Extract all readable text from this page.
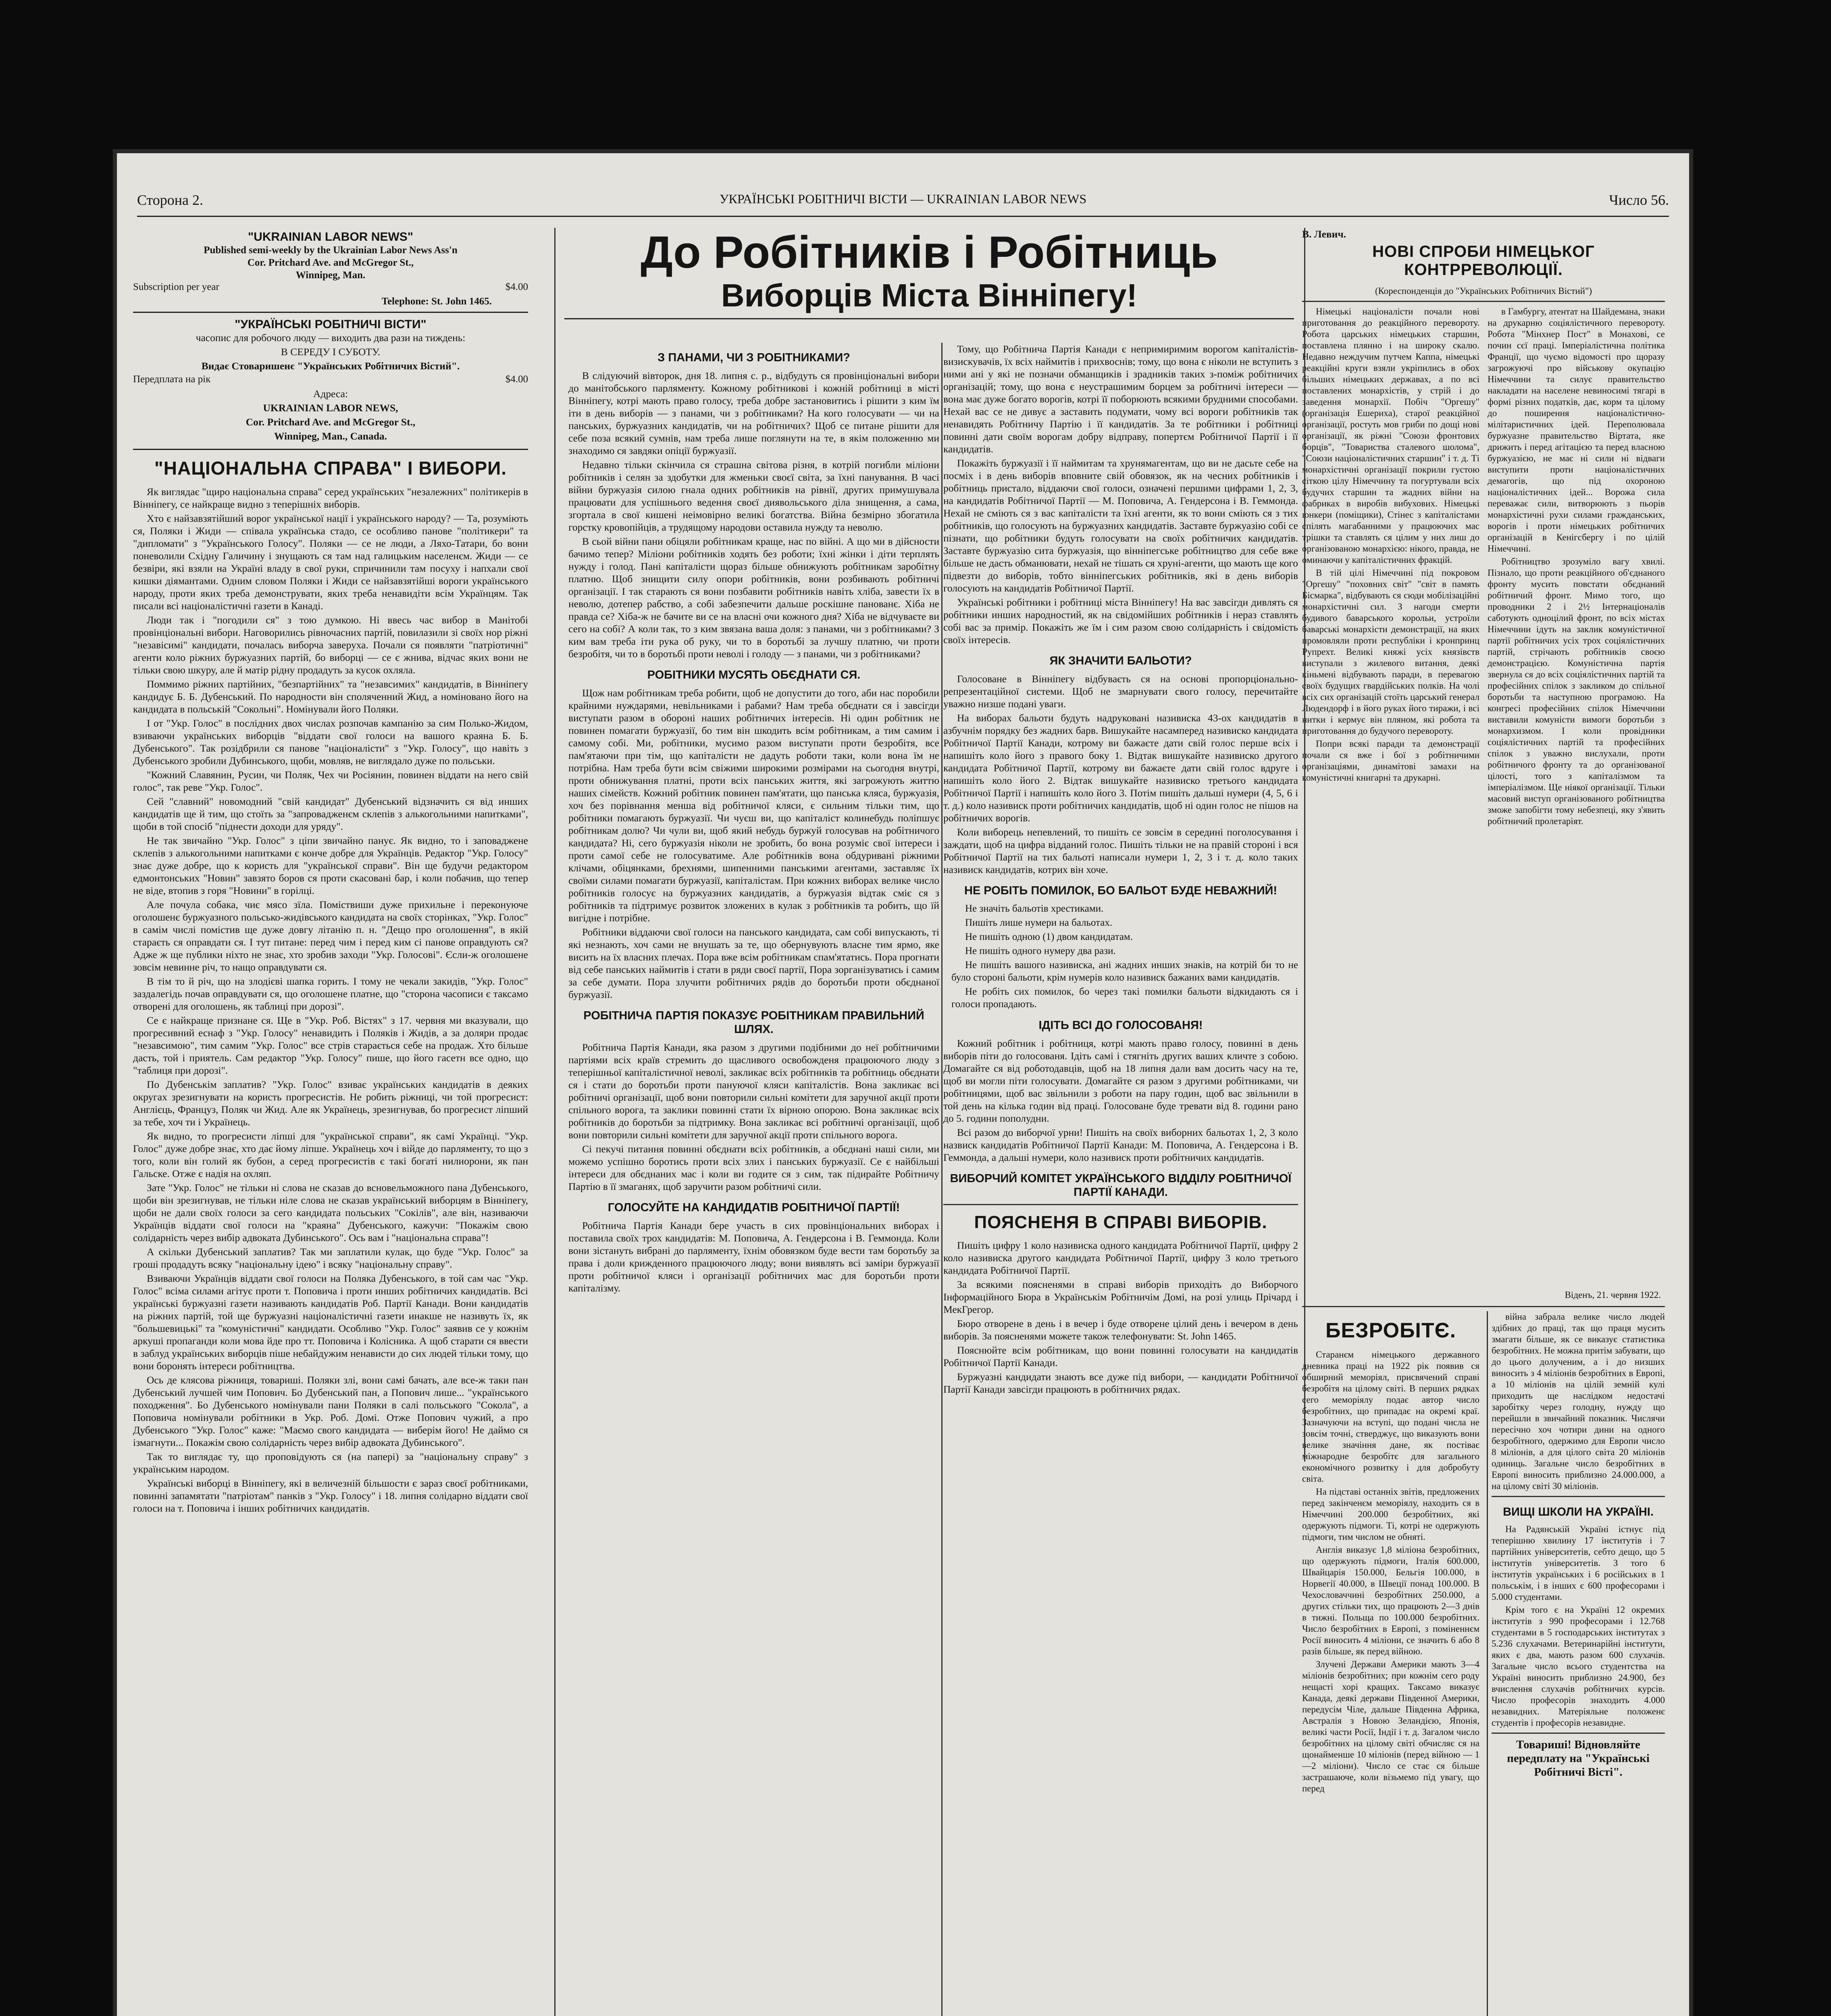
Сторона 2.	УКРАЇНСЬКІ РОБІТНИЧІ ВІСТИ — UKRAINIAN LABOR NEWS	Число 56.
"UKRAINIAN LABOR NEWS"
Published semi-weekly by the Ukrainian Labor News Ass'n
Cor. Pritchard Ave. and McGregor St.,
Winnipeg, Man.
Subscription per year	$4.00
Telephone: St. John 1465.
"УКРАЇНСЬКІ РОБІТНИЧІ ВІСТИ"

часопис для робочого люду — виходить два рази на тиждень:

В СЕРЕДУ І СУБОТУ.

Видає Стоваришенє "Українських Робітничих Вістий".

Передплата на рік	$4.00

Адреса:

UKRAINIAN LABOR NEWS,

Cor. Pritchard Ave. and McGregor St.,

Winnipeg, Man., Canada.

"НАЦІОНАЛЬНА СПРАВА" І ВИБОРИ.

Як виглядає "щиро національна справа" серед українських "незалежних" політикерів в Вінніпегу, се найкраще видно з теперішніх виборів.

Хто є найзавзятійший ворог української нації і українського народу? — Та, розуміють ся, Поляки і Жиди — співала українська стадо, се особливо панове "політикери" та "дипломати" з "Українського Голосу". Поляки — се не люди, а Ляхо-Татари, бо вони поневолили Східну Галичину і знущають ся там над галицьким населенєм. Жиди — се безвіри, які взяли на Україні владу в свої руки, спричинили там посуху і напхали свої кишки діямантами. Одним словом Поляки і Жиди се найзавзятійші вороги українського народу, проти яких треба демонструвати, яких треба ненавидіти всім Українцям. Так писали всі націоналістичні газети в Канаді.

Люди так і "погодили ся" з тою думкою. Ні ввесь час вибор в Манітобі провінціональні вибори. Наговорились рівночасних партій, повилазили зі своїх нор ріжні "незавісимі" кандидати, почалась виборча заверуха. Почали ся появляти "патріотичні" агенти коло ріжних буржуазних партій, бо виборці — се є жнива, відчас яких вони не тільки свою шкуру, але й матір рідну продадуть за кусок охляла.

Поммимо ріжних партійних, "безпартійних" та "незавсимих" кандидатів, в Вінніпегу кандидує Б. Б. Дубенський. По народности він споляченний Жид, а номіновано його на кандидата в польській "Сокольні". Номінували його Поляки.

І от "Укр. Голос" в послідних двох числах розпочав кампанію за сим Полько-Жидом, взиваючи українських виборців "віддати свої голоси на вашого краяна Б. Б. Дубенського". Так розідбрили ся панове "націоналісти" з "Укр. Голосу", що навіть з Дубенського зробили Дубинського, щоби, мовляв, не виглядало дуже по польськи.

"Кожний Славянин, Русин, чи Поляк, Чех чи Росіянин, повинен віддати на него свій голос", так реве "Укр. Голос".

Сей "славний" новомодний "свій кандидат" Дубенський відзначить ся від инших кандидатів ще й тим, що стоїть за "запровадженєм склепів з алькогольними напитками", щоби в той спосіб "піднести доходи для уряду".

Не так звичайно "Укр. Голос" з ціпи звичайно панує. Як видно, то і заповаджене склепів з алькогольними напитками є конче добре для Українців. Редактор "Укр. Голосу" знає дуже добре, що к користь для "української справи". Він ще будучи редактором едмонтонських "Новин" завзято боров ся проти скасовані бар, і коли побачив, що тепер не віде, втопив з горя "Новини" в горілці.

Але почула собака, чиє мясо зїла. Поміствиши дуже прихильне і переконуюче оголошенє буржуазного польсько-жидівського кандидата на своїх сторінках, "Укр. Голос" в самім числі помістив ще дуже довгу літанію п. н. "Дещо про оголошення", в якій стараєть ся оправдати ся. І тут питане: перед чим і перед ким сі панове оправдують ся? Адже ж ще публики ніхто не знає, хто зробив заходи "Укр. Голосові". Єсли-ж оголошене зовсім невинне річ, то нащо оправдувати ся.

В тім то й річ, що на злодієві шапка горить. І тому не чекали закидів, "Укр. Голос" заздалегідь почав оправдувати ся, що оголошене платне, що "сторона часописи є таксамо отворені для оголошень, як таблиці при дорозі".

Се є найкраще признане ся. Ще в "Укр. Роб. Вістях" з 17. червня ми вказували, що прогресивний еснаф з "Укр. Голосу" ненавидить і Поляків і Жидів, а за доляри продає "незавсимою", тим самим "Укр. Голос" все стрів старається себе на продаж. Хто більше дасть, той і приятель. Сам редактор "Укр. Голосу" пише, що його гасетн все одно, що "таблиця при дорозі".

По Дубенськім заплатив? "Укр. Голос" взиває українських кандидатів в деяких округах зрезигнувати на користь прогресистів. Не робить ріжниці, чи той прогресист: Англієць, Француз, Поляк чи Жид. Але як Українець, зрезигнував, бо прогресист ліпший за тебе, хоч ти і Українець.

Як видно, то прогресисти ліпші для "української справи", як самі Українці. "Укр. Голос" дуже добре знає, хто дає йому ліпше. Українець хоч і війде до парляменту, то що з того, коли він голий як бубон, а серед прогресистів є такі богаті нилиорони, як пан Гальске. Отже є надія на охляп.

Зате "Укр. Голос" не тільки ні слова не сказав до всновельможного пана Дубенського, щоби він зрезигнував, не тільки ніле слова не сказав український виборцям в Вінніпегу, щоби не дали своїх голоси за сего кандидата польських "Сокілів", але він, називаючи Українців віддати свої голоси на "краяна" Дубенського, кажучи: "Покажім свою солідарність через вибір адвоката Дубинського". Ось вам і "національна справа"!

А скільки Дубенський заплатив? Так ми заплатили кулак, що буде "Укр. Голос" за гроші продадуть всяку "національну ідею" і всяку "національну справу".

Взиваючи Українців віддати свої голоси на Поляка Дубенського, в той сам час "Укр. Голос" всіма силами агітує проти т. Поповича і проти инших робітничих кандидатів. Всі українські буржуазні газети називають кандидатів Роб. Партії Канади. Вони кандидатів на ріжних партій, той ще буржуазні націоналістичні газети инакше не називуть їх, як "большевицькі" та "комуністичні" кандидати. Особливо "Укр. Голос" заявив се у кожнім аркуші пропаганди коли мова йде про тт. Поповича і Колісника. А щоб старати ся ввести в заблуд українських виборців піше небайдужим ненависти до сих людей тільки тому, що вони боронять інтереси робітництва.

Ось де клясова ріжниця, товариші. Поляки злі, вони самі бачать, але все-ж таки пан Дубенський лучшей чим Попович. Бо Дубенський пан, а Попович лише... "українського походження". Бо Дубенського номінували пани Поляки в салі польського "Сокола", а Поповича номінували робітники в Укр. Роб. Домі. Отже Попович чужий, а про Дубенського "Укр. Голос" каже: "Маємо свого кандидата — виберім його! Не даймо ся ізмагнути... Покажім свою солідарність через вибір адвоката Дубинського".

Так то виглядає ту, що проповідують ся (на папері) за "національну справу" з українським народом.

Українські виборці в Вінніпегу, які в величезній більшости є зараз своєї робітниками, повинні запамятати "патріотам" панків з "Укр. Голосу" і 18. липня солідарно віддати свої голоси на т. Поповича і інших робітничих кандидатів.

До Робітників і Робітниць
Виборців Міста Вінніпегу!
З ПАНАМИ, ЧИ З РОБІТНИКАМИ?

В слідуючий вівторок, дня 18. липня с. р., відбудуть ся провінціональні вибори до манітобського парляменту. Кожному робітникові і кожній робітниці в місті Вінніпегу, котрі мають право голосу, треба добре застановитись і рішити з ким їм іти в день виборів — з панами, чи з робітниками? На кого голосувати — чи на панських, буржуазних кандидатів, чи на робітничих? Щоб се питане рішити для себе поза всякий сумнів, нам треба лише поглянути на те, в якім положенню ми знаходимо ся завдяки опіції буржуазії.

Недавно тільки скінчила ся страшна світова різня, в котрій погибли міліони робітників і селян за здобутки для жменьки своєї світа, за їхні панування. В часі війни буржуазія силою гнала одних робітників на рівнії, других примушувала працювати для успішнього ведення своєї диявольського діла знищення, а сама, згортала в свої кишені неімовірно великі богатства. Війна безмірно збогатила горстку кровопійців, а трудящому народови оставила нужду та неволю.

В сьой війни пани обіцяли робітникам краще, нас по війні. А що ми в дійсности бачимо тепер? Міліони робітників ходять без роботи; їхні жінки і діти терплять нужду і голод. Пані капіталісти щораз більше обнижують робітникам заробітну платню. Щоб знищити силу опори робітників, вони розбивають робітничі організації. І так старають ся вони позбавити робітників навіть хліба, завести їх в неволю, дотепер рабство, а собі забезпечити дальше роскішне панованє. Хіба не правда се? Хіба-ж не бачите ви се на власні очи кожного дня? Хіба не відчуваєте ви сего на собі? А коли так, то з ким звязана ваша доля: з панами, чи з робітниками? З ким вам треба іти рука об руку, чи то в боротьбі за лучшу платню, чи проти безробітя, чи то в боротьбі проти неволі і голоду — з панами, чи з робітниками?

РОБІТНИКИ МУСЯТЬ ОБЄДНАТИ СЯ.

Щож нам робітникам треба робити, щоб не допустити до того, аби нас поробили крайними нуждарями, невільниками і рабами? Нам треба обєднати ся і завсігди виступати разом в обороні наших робітничих інтересів. Ні один робітник не повинен помагати буржуазії, бо тим він шкодить всім робітникам, а тим самим і самому собі. Ми, робітники, мусимо разом виступати проти безробітя, все пам'ятаючи при тім, що капіталісти не дадуть роботи таки, коли вона їм не потрібна. Нам треба бути всім свіжими широкими розмірами на сьогодня внутрі, проти обнижування платні, проти всіх панських життя, які загрожують життю наших сімейств. Кожний робітник повинен пам'ятати, що панська кляса, буржуазія, хоч без порівнання менша від робітничої кляси, є сильним тільки тим, що робітники помагають буржуазії. Чи чуєш ви, що капіталіст колинебудь поліпшує робітникам долю? Чи чули ви, щоб який небудь буржуй голосував на робітничого кандидата? Ні, сего буржуазія ніколи не зробить, бо вона розуміє свої інтереси і проти самої себе не голосуватиме. Але робітників вона обдуривані ріжними клічами, обіцянками, брехнями, шипенними панськими агентами, заставляє їх своїми силами помагати буржуазії, капіталістам. При кожних виборах велике число робітників голосує на буржуазних кандидатів, а буржуазія відтак сміє ся з робітників та підтримує розвиток зложених в кулак з робітників та робить, що їй вигідне і потрібне.

Робітники віддаючи свої голоси на панського кандидата, сам собі випускають, ті які незнають, хоч сами не внушать за те, що обернувують власне тим ярмо, яке висить на їх власних плечах. Пора вже всім робітникам спам'ятатись. Пора прогнати від себе панських наймитів і стати в ряди своєї партії, Пора зорганізуватись і самим за себе думати. Пора злучити робітничих рядів до боротьби проти обєднаної буржуазії.

РОБІТНИЧА ПАРТІЯ ПОКАЗУЄ РОБІТНИКАМ ПРАВИЛЬНИЙ ШЛЯХ.

Робітнича Партія Канади, яка разом з другими подібними до неї робітничими партіями всіх країв стремить до щасливого освобожденя працюючого люду з теперішньої капіталістичної неволі, закликає всіх робітників та робітниць обєднати ся і стати до боротьби проти пануючої кляси капіталістів. Вона закликає всі робітничі організації, щоб вони повторили сильні комітети для заручної акції проти спільного ворога, та заклики повинні стати їх вірною опорою. Вона закликає всіх робітників до боротьби за підтримку. Вона закликає всі робітничі організації, щоб вони повторили сильні комітети для заручної акції проти спільного ворога.

Сі пекучі питання повинні обєднати всіх робітників, а обєднані наші сили, ми можемо успішно боротись проти всіх злих і панських буржуазії. Се є найбільші інтереси для обєднаних мас і коли ви годите ся з сим, так підирайте Робітничу Партію в її змаганях, щоб заручити разом робітничі сили.

ГОЛОСУЙТЕ НА КАНДИДАТІВ РОБІТНИЧОЇ ПАРТІЇ!

Робітнича Партія Канади бере участь в сих провінціональних виборах і поставила своїх трох кандидатів: М. Поповича, А. Гендерсона і В. Геммонда. Коли вони зістануть вибрані до парляменту, їхнім обовязком буде вести там боротьбу за права і доли крижденного працюючого люду; вони виявлять всі заміри буржуазії проти робітничої кляси і організації робітничих мас для боротьби проти капіталізму.

Тому, що Робітнича Партія Канади є непримиримим ворогом капіталістів-визискувачів, їх всіх наймитів і прихвоснів; тому, що вона є ніколи не вступить з ними ані у які не позначи обманщиків і зрадників таких з-поміж робітничих організацій; тому, що вона є неустрашимим борцем за робітничі інтереси — вона має дуже богато ворогів, котрі її поборюють всякими брудними способами. Нехай вас се не дивує а заставить подумати, чому всі вороги робітників так ненавидять Робітничу Партію і її кандидатів. За те робітники і робітниці повинні дати своїм ворогам добру відправу, попертєм Робітничої Партії і її кандидатів.

Покажіть буржуазії і її наймитам та хрунямагентам, що ви не дасьте себе на посміх і в день виборів вповните свій обовязок, як на чесних робітників і робітниць пристало, віддаючи свої голоси, означені першими цифрами 1, 2, 3, на кандидатів Робітничої Партії — М. Поповича, А. Гендерсона і В. Геммонда. Нехай не сміють ся з вас капіталісти та їхні агенти, як то вони сміють ся з тих робітників, що голосують на буржуазних кандидатів. Заставте буржуазію собі се пізнати, що робітники будуть голосувати на своїх робітничих кандидатів. Заставте буржуазію сита буржуазія, що вінніпегське робітництво для себе вже більше не дасть обманювати, нехай не тішать ся хруні-агенти, що мають ще кого підвезти до виборів, тобто вінніпегських робітників, які в день виборів голосують на кандидатів Робітничої Партії.

Українські робітники і робітниці міста Вінніпегу! На вас завсігди дивлять ся робітники инших народностий, як на свідомійших робітників і нераз ставлять собі вас за примір. Покажіть же їм і сим разом свою солідарність і свідомість своїх інтересів.

ЯК ЗНАЧИТИ БАЛЬОТИ?

Голосоване в Вінніпегу відбуваєть ся на основі пропорціонально-репрезентаційної системи. Щоб не змарнувати свого голосу, перечитайте уважно низше подані уваги.

На виборах бальоти будуть надруковані називиска 43-ох кандидатів в азбучнім порядку без жадних барв. Вишукайте насамперед називиско кандидата Робітничої Партії Канади, котрому ви бажаєте дати свій голос перше всіх і напишіть коло його з правого боку 1. Відтак вишукайте називиско другого кандидата Робітничої Партії, котрому ви бажаєте дати свій голос вдруге і напишіть коло його 2. Відтак вишукайте називиско третього кандидата Робітничої Партії і напишіть коло його 3. Потім пишіть дальші нумери (4, 5, 6 і т. д.) коло називиск проти робітничих кандидатів, щоб ні один голос не пішов на робітничих ворогів.

Коли виборець непевлений, то пишіть се зовсім в середині поголосування і заждати, щоб на цифра відданий голос. Пишіть тільки не на правій стороні і вся Робітничої Партії на тих бальоті написали нумери 1, 2, 3 і т. д. коло таких називиск кандидатів, котрих він хоче.

НЕ РОБІТЬ ПОМИЛОК, БО БАЛЬОТ БУДЕ НЕВАЖНИЙ!

Не значіть бальотів хрестиками.

Пишіть лише нумери на бальотах.

Не пишіть одною (1) двом кандидатам.

Не пишіть одного нумеру два рази.

Не пишіть вашого називиска, ані жадних инших знаків, на котрій би то не було стороні бальоти, крім нумерів коло називиск бажаних вами кандидатів.

Не робіть сих помилок, бо через такі помилки бальоти відкидають ся і голоси пропадають.

ІДІТЬ ВСІ ДО ГОЛОСОВАНЯ!

Кожний робітник і робітниця, котрі мають право голосу, повинні в день виборів піти до голосованя. Ідіть самі і стягніть других ваших кличте з собою. Домагайте ся від роботодавців, щоб на 18 липня дали вам досить часу на те, щоб ви могли піти голосувати. Домагайте ся разом з другими робітниками, чи робітницями, щоб вас звільнили з роботи на пару годин, щоб вас звільнили в той день на кілька годин від праці. Голосоване буде тревати від 8. години рано до 5. години пополудни.

Всі разом до виборчої урни! Пишіть на своїх виборних бальотах 1, 2, 3 коло назвиск кандидатів Робітничої Партії Канади: М. Поповича, А. Гендерсона і В. Геммонда, а дальші нумери, коло називиск проти робітничих кандидатів.

ВИБОРЧИЙ КОМІТЕТ УКРАЇНСЬКОГО ВІДДІЛУ РОБІТНИЧОЇ ПАРТІЇ КАНАДИ.
ПОЯСНЕНЯ В СПРАВІ ВИБОРІВ.

Пишіть цифру 1 коло називиска одного кандидата Робітничої Партії, цифру 2 коло називиска другого кандидата Робітничої Партії, цифру 3 коло третього кандидата Робітничої Партії.

За всякими поясненями в справі виборів приходіть до Виборчого Інформаційного Бюра в Українськім Робітничім Домі, на розі улиць Прічард і МекГрегор.

Бюро отворене в день і в вечер і буде отворене цілий день і вечером в день виборів. За поясненями можете також телефонувати: St. John 1465.

Пояснюйте всім робітникам, що вони повинні голосувати на кандидатів Робітничої Партії Канади.

Буржуазні кандидати знають все дуже під вибори, — кандидати Робітничої Партії Канади завсігди працюють в робітничих рядах.

В. Левич.

НОВІ СПРОБИ НІМЕЦЬКОГ КОНТРРЕВОЛЮЦІЇ.

(Кореспонденція до "Українських Робітничих Вістий")

Німецькі націоналісти почали нові приготовання до реакційного перевороту. Робота царських німецьких старшин, поставлена плянно і на широку скалю. Недавно неждучим путчем Каппа, німецькі реакційні круги взяли укріпились в обох більших німецьких державах, а по всі поставлених монархістів, у стрій і до заведення монархії. Побіч "Оргешу" (організація Ешериха), старої реакційної організації, ростуть мов гриби по дощі нові організації, як ріжні "Союзи фронтових борців", "Товариства сталевого шолома", "Союзи націоналістичних старшин" і т. д. Ті монархістичні організації покрили густою сіткою цілу Німеччину та погуртували всіх будучих старшин та жадних війни на фабриках в виробів вибухових. Німецькі юнкери (поміщики), Стінес з капіталістами спілять магабанними у працюючих мас трішки та ставлять ся цілим у них лиш до організованою монархією: нікого, правда, не оминаючи у капіталістичних фракцій.

В тій цілі Німеччині під покровом "Оргешу" "поховних світ" "світ в память Бісмарка", відбувають ся сюди мобілізаційні монархістичні сил. З нагоди смерти будивого баварського корольи, устроїли баварські монархісти демонстрації, на яких промовляли проти республіки і кронпринц Рупрехт. Великі княжі усіх князівств виступали з жилевого витання, деякі кіньмені відбувають паради, в перевагою своїх будущих гвардійських полків. На чолі всіх сих організацій стоїть царський генерал Людендорф і в його руках його тиражи, і всі нитки і кермує він пляном, які робота та приготовання до будучого перевороту.

Попри всякі паради та демонстрації почали ся вже і бої з робітничими організаціями, динамітові замахи на комуністичні книгарні та друкарні.

в Гамбургу, атентат на Шайдемана, знаки на друкарню соціялістичного перевороту. Робота "Мінхнер Пост" в Монахові, се почин сєї праці. Імперіалістична політика Франції, що чуємо відомості про щоразу загрожуючі про військову окупацію Німеччини та силує правительство накладати на населене невиносимі тягарі в формі різних податків, дає, корм та цілому до поширення націоналістично-мілітаристичних ідей. Переполювала буржуазне правительство Віртата, яке дрижить і перед агітацією та перед власною буржуазією, не має ні сили ні відваги виступити проти націоналістичних демагогів, що під охороною націоналістичних ідей... Ворожа сила переважає сили, витворюють з пьорів монархістичні рухи силами гражданських, ворогів і проти німецьких робітничих організацій в Кенігсбергу і по цілій Німеччині.

Робітництво зрозуміло вагу хвилі. Пізнало, що проти реакційного об'єднаного фронту мусить повстати обєднаний робітничий фронт. Мимо того, що проводники 2 і 2½ Інтернаціоналів саботують одноцілий фронт, по всіх містах Німеччини ідуть на заклик комуністичної партії робітничих усіх трох соціялістичних партій, стрічають робітників своєю демонстрацією. Комуністична партія звернула ся до всіх соціялістичних партій та професійних спілок з закликом до спільної боротьби та наступною програмою. На конгресі професійних спілок Німеччини виставили комуністи вимоги боротьби з монархизмом. І коли провідники соціялістичних партій та професійних спілок з уважно вислухали, проти робітничого фронту та до організованої цілості, того з капіталізмом та імперіалізмом. Ще ніякої організації. Тільки масовий виступ організованого робітництва зможе запобігти тому небезпеці, яку з'явить робітничий пролетаріят.

Віденъ, 21. червня 1922.
БЕЗРОБІТЄ.

Старанєм німецького державного дневника праці на 1922 рік появив ся обширний меморіял, присвячений справі безробітя на цілому світі. В перших рядках сего меморіялу подає автор число безробітних, що припадає на окремі краї. Зазначуючи на вступі, що подані числа не зовсім точні, стверджує, що виказують вони велике значіння дане, як постіває міжнародне безробітє для загального економічного розвитку і для добробуту світа.

На підставі останніх звітів, предложених перед закінченєм меморіялу, находить ся в Німеччині 200.000 безробітних, які одержують підмоги. Ті, котрі не одержують підмоги, тим числом не обняті.

Англія виказує 1,8 міліона безробітних, що одержують підмоги, Італія 600.000, Швайцарія 150.000, Бельгія 100.000, в Норвегії 40.000, в Швеції понад 100.000. В Чехословаччині безробітних 250.000, а других стільки тих, що працюють 2—3 днів в тижні. Польща по 100.000 безробітних. Число безробітних в Европі, з поміненнєм Росії виносить 4 міліони, се значить 6 або 8 разів більше, як перед війною.

Злучені Держави Америки мають 3—4 міліонів безробітних; при кожнім сего роду нещасті хорі кращих. Таксамо виказує Канада, деякі держави Південної Америки, передусім Чіле, дальше Південна Африка, Австралія з Новою Зеландією, Японія, великі части Росії, Індії і т. д. Загалом число безробітних на цілому світі обчисляє ся на щонайменше 10 міліонів (перед війною — 1—2 міліони). Число се стає ся більше застрашаюче, коли візьмемо під увагу, що перед

війна забрала велике число людей здібних до праці, так що праця мусить змагати більше, як се виказує статистика безробітних. Не можна притім забувати, що до цього долученим, а і до низших виносить з 4 міліонів безробітних в Европі, а 10 міліонів на цілій земній кулі приходить ще наслідком недостачі заробітку через голодну, нужду що перейшли в звичайний показник. Числячи пересічно хоч чотири дини на одного безробітного, одержимо для Европи число 8 міліонів, а для цілого світа 20 міліонів одиниць. Загальне число безробітних в Европі виносить приблизно 24.000.000, а на цілому світі 30 міліонів.

ВИЩІ ШКОЛИ НА УКРАЇНІ.

На Радянській Україні істнує під теперішню хвилину 17 інститутів і 7 партійних університетів, себто дещо, що 5 інститутів університетів. З того 6 інститутів українських і 6 російських в 1 польськім, і в інших є 600 професорами і 5.000 студентами.

Крім того є на Україні 12 окремих інститутів з 990 професорами і 12.768 студентами в 5 господарських інститутах з 5.236 слухачами. Ветеринарійні інститути, яких є два, мають разом 600 слухачів. Загальне число всього студентства на Україні виносить приблизно 24.900, без вчислення слухачів робітничих курсів. Число професорів знаходить 4.000 незавидних. Матеріяльне положенє студентів і професорів незавидне.

Товариші! Відновляйте передплату на "Українські Робітничі Вісті".
